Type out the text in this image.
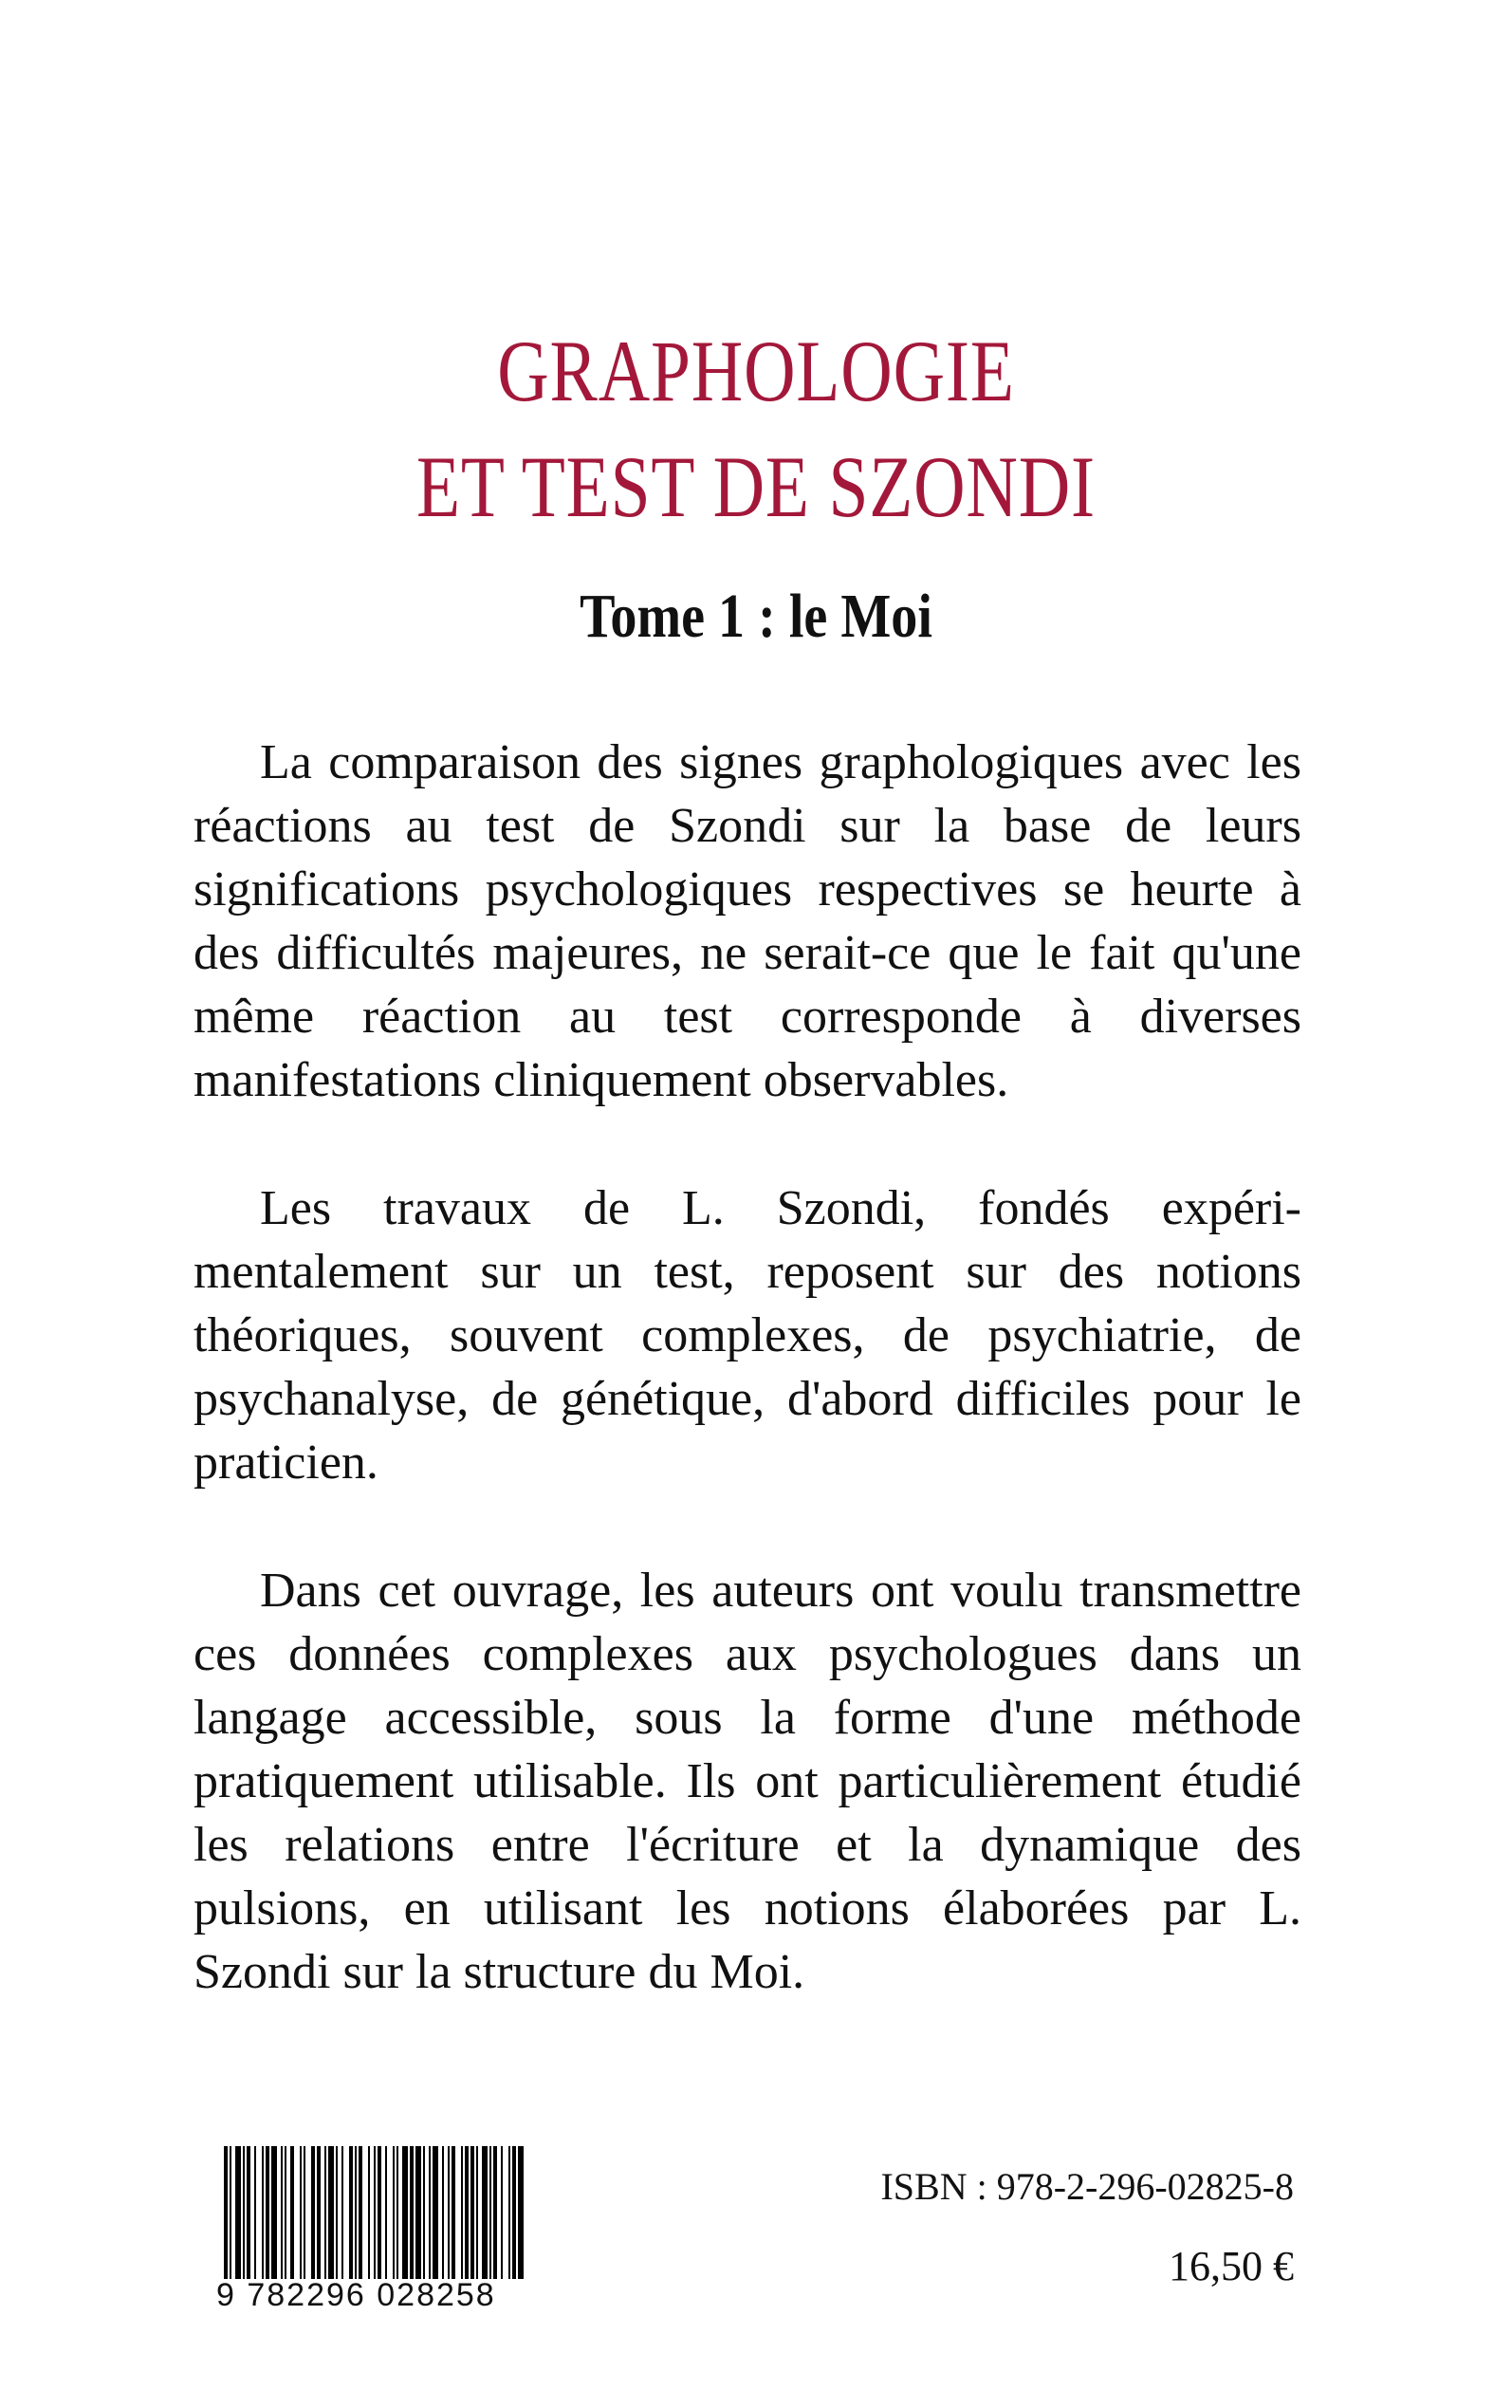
GRAPHOLOGIE
ET TEST DE SZONDI
Tome 1 : le Moi

La comparaison des signes graphologiques avec les réactions au test de Szondi sur la base de leurs significations psychologiques respectives se heurte à des difficultés majeures, ne serait-ce que le fait qu'une même réaction au test corresponde à diverses manifestations cliniquement observables.

Les travaux de L. Szondi, fondés expéri-mentalement sur un test, reposent sur des notions théoriques, souvent complexes, de psychiatrie, de psychanalyse, de génétique, d'abord difficiles pour le praticien.

Dans cet ouvrage, les auteurs ont voulu transmettre ces données complexes aux psychologues dans un langage accessible, sous la forme d'une méthode pratiquement utilisable. Ils ont particulièrement étudié les relations entre l'écriture et la dynamique des pulsions, en utilisant les notions élaborées par L. Szondi sur la structure du Moi.

9 782296 028258
ISBN : 978-2-296-02825-8
16,50 €
